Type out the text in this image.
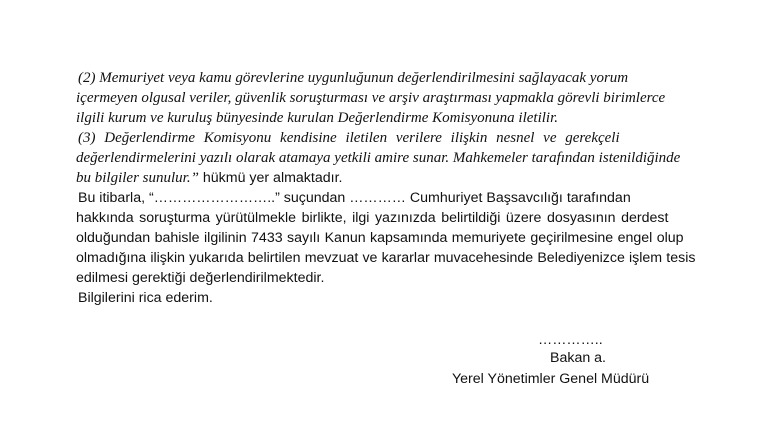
(2) Memuriyet veya kamu görevlerine uygunluğunun değerlendirilmesini sağlayacak yorum
içermeyen olgusal veriler, güvenlik soruşturması ve arşiv araştırması yapmakla görevli birimlerce
ilgili kurum ve kuruluş bünyesinde kurulan Değerlendirme Komisyonuna iletilir.
(3) Değerlendirme Komisyonu kendisine iletilen verilere ilişkin nesnel ve gerekçeli
değerlendirmelerini yazılı olarak atamaya yetkili amire sunar. Mahkemeler tarafından istenildiğinde
bu bilgiler sunulur.” hükmü yer almaktadır.
Bu itibarla, “……………………..” suçundan ………… Cumhuriyet Başsavcılığı tarafından
hakkında soruşturma yürütülmekle birlikte, ilgi yazınızda belirtildiği üzere dosyasının derdest
olduğundan bahisle ilgilinin 7433 sayılı Kanun kapsamında memuriyete geçirilmesine engel olup
olmadığına ilişkin yukarıda belirtilen mevzuat ve kararlar muvacehesinde Belediyenizce işlem tesis
edilmesi gerektiği değerlendirilmektedir.
Bilgilerini rica ederim.
…………..
Bakan a.
Yerel Yönetimler Genel Müdürü
